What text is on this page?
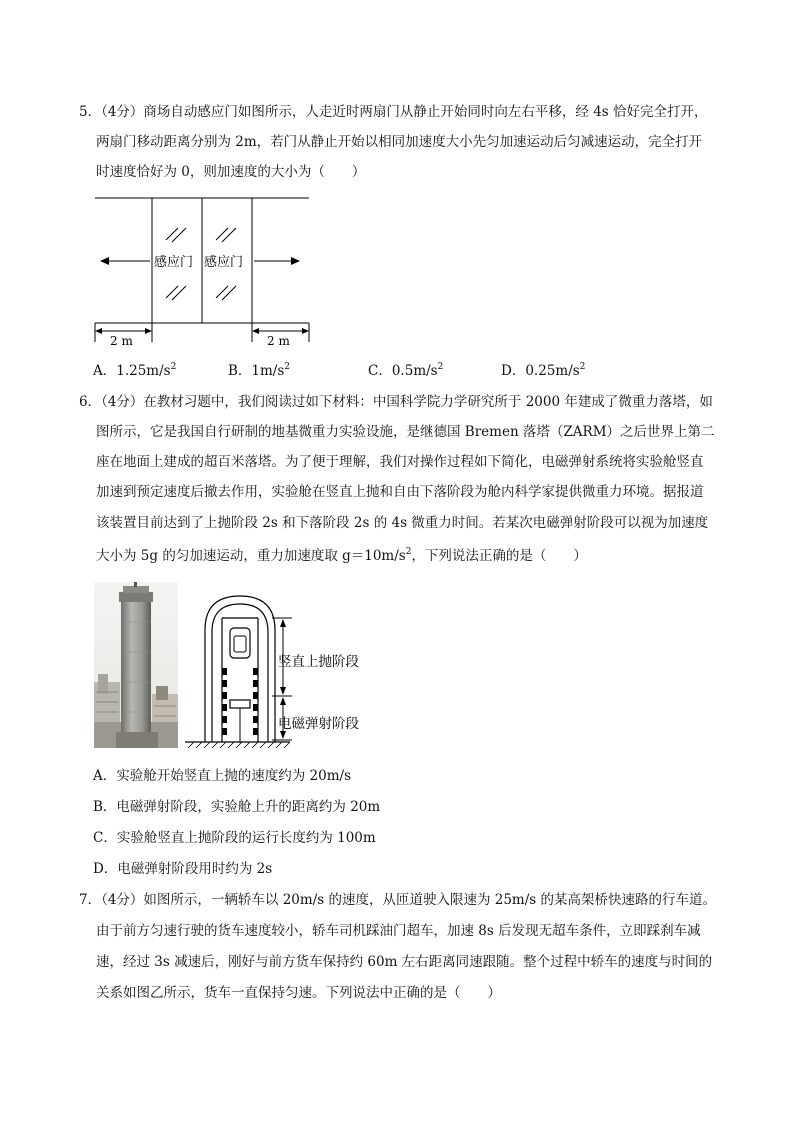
5．（4分）商场自动感应门如图所示，人走近时两扇门从静止开始同时向左右平移，经 4s 恰好完全打开，
两扇门移动距离分别为 2m，若门从静止开始以相同加速度大小先匀加速运动后匀减速运动，完全打开
时速度恰好为 0，则加速度的大小为（　　）
感应门 感应门
2 m	2 m
A．$1.25m/s^2$	B．$1m/s^2$	C．$0.5m/s^2$	D．$0.25m/s^2$
6．（4分）在教材习题中，我们阅读过如下材料：中国科学院力学研究所于 2000 年建成了微重力落塔，如
图所示，它是我国自行研制的地基微重力实验设施，是继德国 Bremen 落塔（ZARM）之后世界上第二
座在地面上建成的超百米落塔。为了便于理解，我们对操作过程如下简化，电磁弹射系统将实验舱竖直
加速到预定速度后撤去作用，实验舱在竖直上抛和自由下落阶段为舱内科学家提供微重力环境。据报道
该装置目前达到了上抛阶段 2s 和下落阶段 2s 的 4s 微重力时间。若某次电磁弹射阶段可以视为加速度
大小为 5g 的匀加速运动，重力加速度取 $g=10m/s^2$，下列说法正确的是（　　）
竖直上抛阶段
电磁弹射阶段
A．实验舱开始竖直上抛的速度约为 20m/s
B．电磁弹射阶段，实验舱上升的距离约为 20m
C．实验舱竖直上抛阶段的运行长度约为 100m
D．电磁弹射阶段用时约为 2s
7．（4分）如图所示，一辆轿车以 20m/s 的速度，从匝道驶入限速为 25m/s 的某高架桥快速路的行车道。
由于前方匀速行驶的货车速度较小，轿车司机踩油门超车，加速 8s 后发现无超车条件，立即踩刹车减
速，经过 3s 减速后，刚好与前方货车保持约 60m 左右距离同速跟随。整个过程中轿车的速度与时间的
关系如图乙所示，货车一直保持匀速。下列说法中正确的是（　　）
